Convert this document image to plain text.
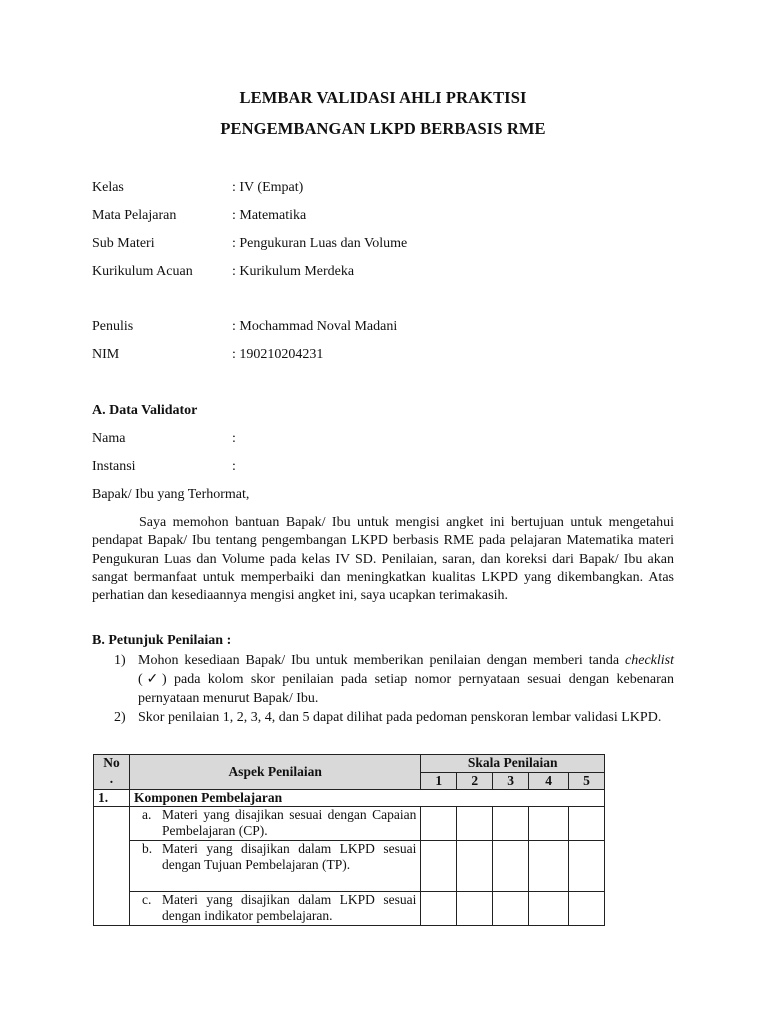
LEMBAR VALIDASI AHLI PRAKTISI
PENGEMBANGAN LKPD BERBASIS RME
Kelas	: IV (Empat)
Mata Pelajaran	: Matematika
Sub Materi	: Pengukuran Luas dan Volume
Kurikulum Acuan	: Kurikulum Merdeka
Penulis	: Mochammad Noval Madani
NIM	: 190210204231
A. Data Validator
Nama	:
Instansi	:
Bapak/ Ibu yang Terhormat,
Saya memohon bantuan Bapak/ Ibu untuk mengisi angket ini bertujuan untuk mengetahui pendapat Bapak/ Ibu tentang pengembangan LKPD berbasis RME pada pelajaran Matematika materi Pengukuran Luas dan Volume pada kelas IV SD. Penilaian, saran, dan koreksi dari Bapak/ Ibu akan sangat bermanfaat untuk memperbaiki dan meningkatkan kualitas LKPD yang dikembangkan. Atas perhatian dan kesediaannya mengisi angket ini, saya ucapkan terimakasih.
B. Petunjuk Penilaian :
1) Mohon kesediaan Bapak/ Ibu untuk memberikan penilaian dengan memberi tanda checklist (✓) pada kolom skor penilaian pada setiap nomor pernyataan sesuai dengan kebenaran pernyataan menurut Bapak/ Ibu.
2) Skor penilaian 1, 2, 3, 4, dan 5 dapat dilihat pada pedoman penskoran lembar validasi LKPD.
No
.	Aspek Penilaian	Skala Penilaian				
		1	2	3	4	5
1.	Komponen Pembelajaran					

	a. Materi yang disajikan sesuai dengan Capaian Pembelajaran (CP).					

	b. Materi yang disajikan dalam LKPD sesuai dengan Tujuan Pembelajaran (TP).					

	c. Materi yang disajikan dalam LKPD sesuai dengan indikator pembelajaran.					
